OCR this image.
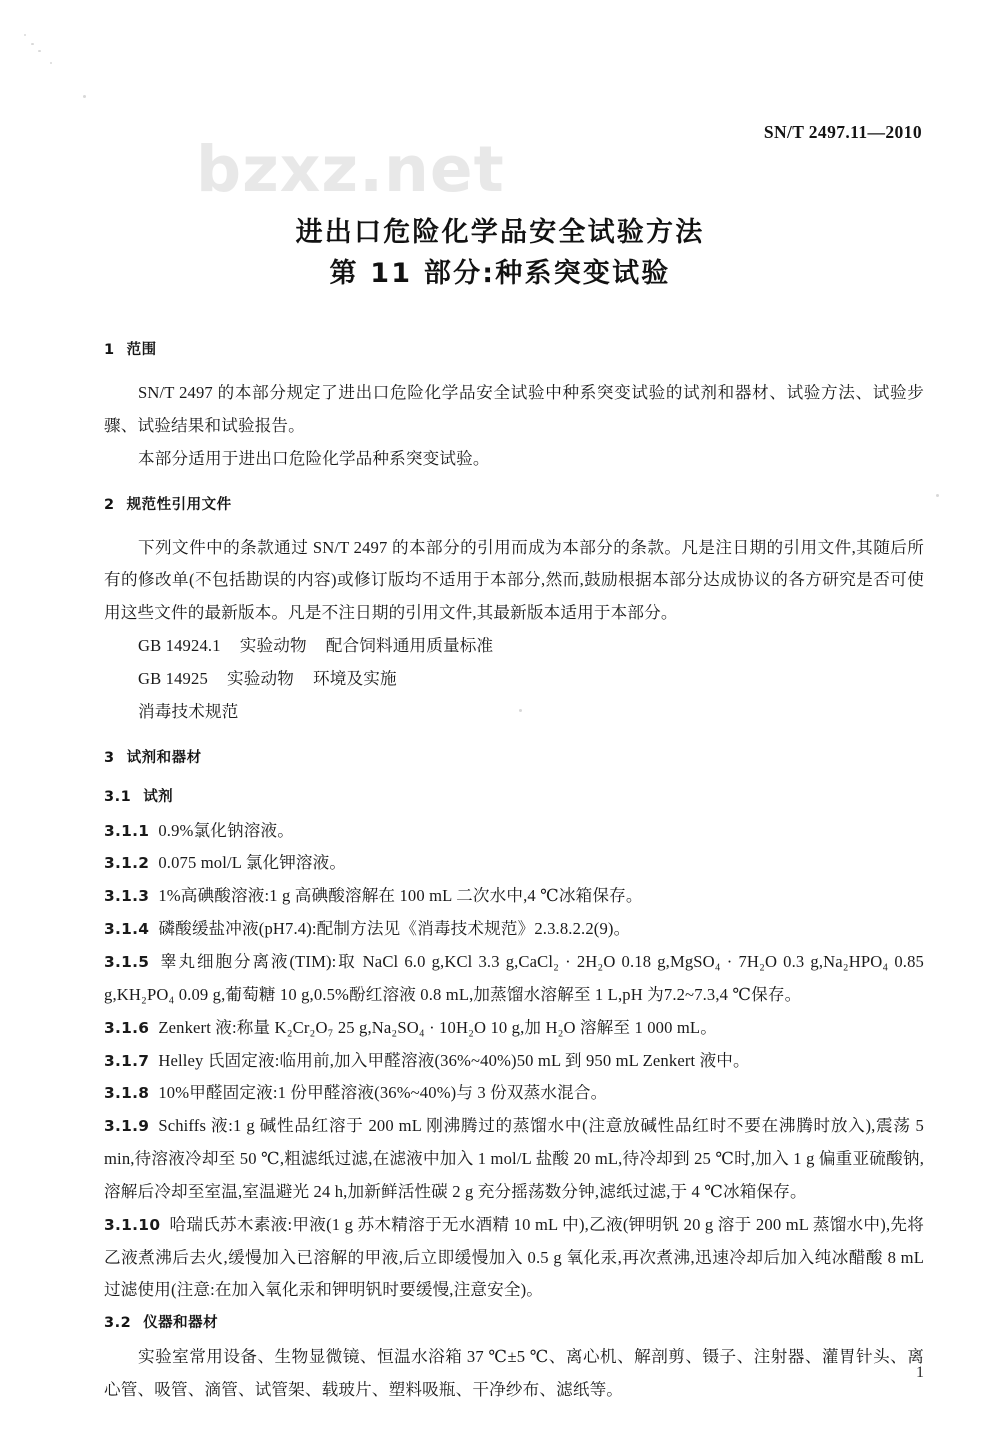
bzxz.net
SN/T 2497.11—2010
进出口危险化学品安全试验方法
第 11 部分:种系突变试验
1 范围

SN/T 2497 的本部分规定了进出口危险化学品安全试验中种系突变试验的试剂和器材、试验方法、试验步骤、试验结果和试验报告。

本部分适用于进出口危险化学品种系突变试验。

2 规范性引用文件

下列文件中的条款通过 SN/T 2497 的本部分的引用而成为本部分的条款。凡是注日期的引用文件,其随后所有的修改单(不包括勘误的内容)或修订版均不适用于本部分,然而,鼓励根据本部分达成协议的各方研究是否可使用这些文件的最新版本。凡是不注日期的引用文件,其最新版本适用于本部分。

GB 14924.1 实验动物 配合饲料通用质量标准

GB 14925 实验动物 环境及实施

消毒技术规范

3 试剂和器材
3.1 试剂

3.1.1 0.9%氯化钠溶液。

3.1.2 0.075 mol/L 氯化钾溶液。

3.1.3 1%高碘酸溶液:1 g 高碘酸溶解在 100 mL 二次水中,4 ℃冰箱保存。

3.1.4 磷酸缓盐冲液(pH7.4):配制方法见《消毒技术规范》2.3.8.2.2(9)。

3.1.5 睾丸细胞分离液(TIM):取 NaCl 6.0 g,KCl 3.3 g,CaCl₂ · 2H₂O 0.18 g,MgSO₄ · 7H₂O 0.3 g,Na₂HPO₄ 0.85 g,KH₂PO₄ 0.09 g,葡萄糖 10 g,0.5%酚红溶液 0.8 mL,加蒸馏水溶解至 1 L,pH 为7.2~7.3,4 ℃保存。

3.1.6 Zenkert 液:称量 K₂Cr₂O₇ 25 g,Na₂SO₄ · 10H₂O 10 g,加 H₂O 溶解至 1 000 mL。

3.1.7 Helley 氏固定液:临用前,加入甲醛溶液(36%~40%)50 mL 到 950 mL Zenkert 液中。

3.1.8 10%甲醛固定液:1 份甲醛溶液(36%~40%)与 3 份双蒸水混合。

3.1.9 Schiffs 液:1 g 碱性品红溶于 200 mL 刚沸腾过的蒸馏水中(注意放碱性品红时不要在沸腾时放入),震荡 5 min,待溶液冷却至 50 ℃,粗滤纸过滤,在滤液中加入 1 mol/L 盐酸 20 mL,待冷却到 25 ℃时,加入 1 g 偏重亚硫酸钠,溶解后冷却至室温,室温避光 24 h,加新鲜活性碳 2 g 充分摇荡数分钟,滤纸过滤,于 4 ℃冰箱保存。

3.1.10 哈瑞氏苏木素液:甲液(1 g 苏木精溶于无水酒精 10 mL 中),乙液(钾明钒 20 g 溶于 200 mL 蒸馏水中),先将乙液煮沸后去火,缓慢加入已溶解的甲液,后立即缓慢加入 0.5 g 氧化汞,再次煮沸,迅速冷却后加入纯冰醋酸 8 mL 过滤使用(注意:在加入氧化汞和钾明钒时要缓慢,注意安全)。

3.2 仪器和器材

实验室常用设备、生物显微镜、恒温水浴箱 37 ℃±5 ℃、离心机、解剖剪、镊子、注射器、灌胃针头、离心管、吸管、滴管、试管架、载玻片、塑料吸瓶、干净纱布、滤纸等。

1
